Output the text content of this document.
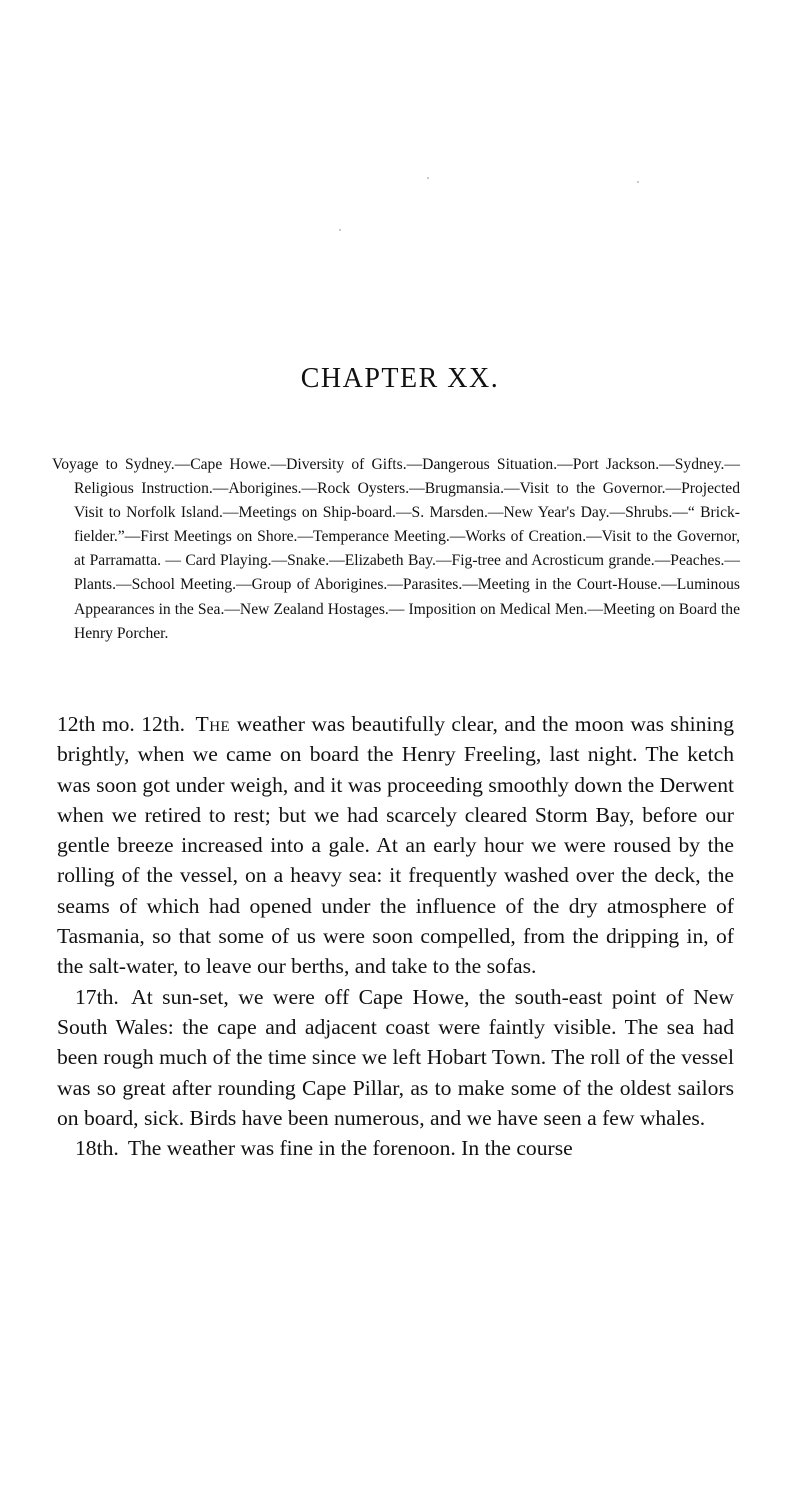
CHAPTER XX.

Voyage to Sydney.—Cape Howe.—Diversity of Gifts.—Dangerous Situation.—Port Jackson.—Sydney.—Religious Instruction.—Aborigines.—Rock Oysters.—Brugmansia.—Visit to the Governor.—Projected Visit to Norfolk Island.—Meetings on Ship-board.—S. Marsden.—New Year's Day.—Shrubs.—“ Brick-fielder.”—First Meetings on Shore.—Temperance Meeting.—Works of Creation.—Visit to the Governor, at Parramatta. — Card Playing.—Snake.—Elizabeth Bay.—Fig-tree and Acrosticum grande.—Peaches.—Plants.—School Meeting.—Group of Aborigines.—Parasites.—Meeting in the Court-House.—Luminous Appearances in the Sea.—New Zealand Hostages.— Imposition on Medical Men.—Meeting on Board the Henry Porcher.

12th mo. 12th. The weather was beautifully clear, and the moon was shining brightly, when we came on board the Henry Freeling, last night. The ketch was soon got under weigh, and it was proceeding smoothly down the Derwent when we retired to rest; but we had scarcely cleared Storm Bay, before our gentle breeze increased into a gale. At an early hour we were roused by the rolling of the vessel, on a heavy sea: it frequently washed over the deck, the seams of which had opened under the influence of the dry atmosphere of Tasmania, so that some of us were soon compelled, from the dripping in, of the salt-water, to leave our berths, and take to the sofas.

17th. At sun-set, we were off Cape Howe, the south-east point of New South Wales: the cape and adjacent coast were faintly visible. The sea had been rough much of the time since we left Hobart Town. The roll of the vessel was so great after rounding Cape Pillar, as to make some of the oldest sailors on board, sick. Birds have been numerous, and we have seen a few whales.

18th. The weather was fine in the forenoon. In the course
